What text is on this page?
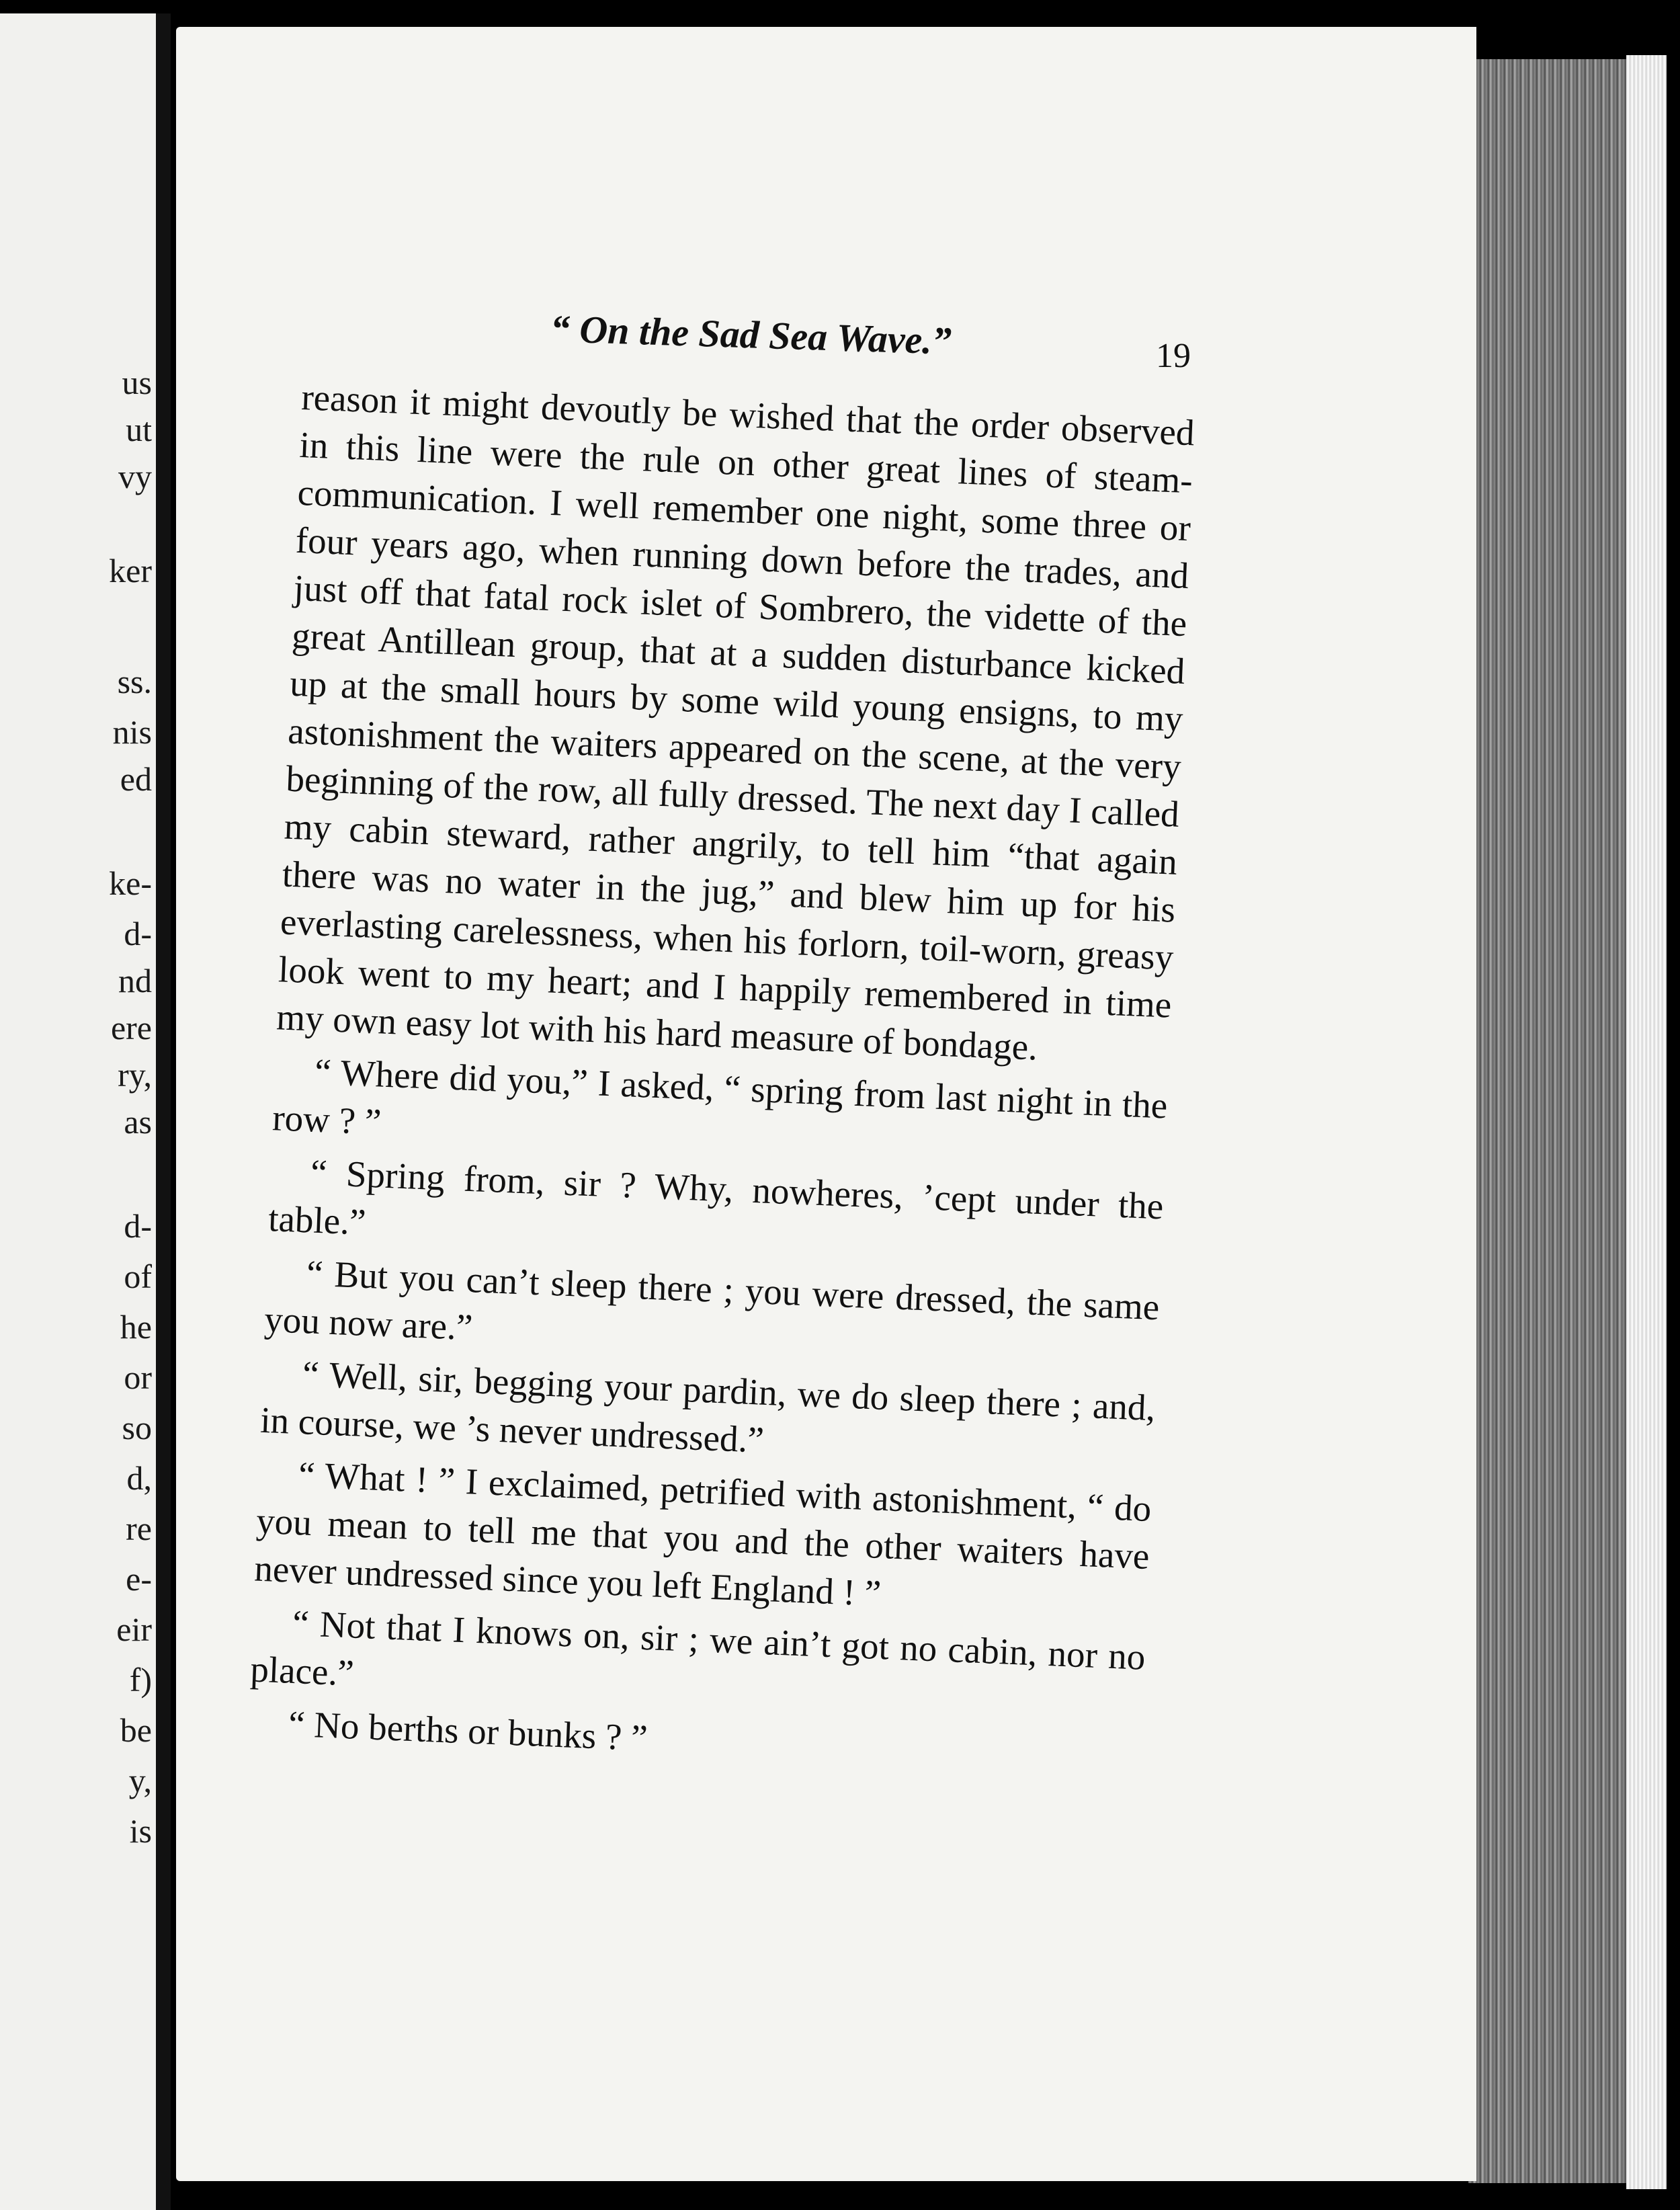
us
ut
vy
ker
ss.
nis
ed
ke-
d-
nd
ere
ry,
as
d-
of
he
or
so
d,
re
e-
eir
f)
be
y,
is
“ On the Sad Sea Wave.”	19

reason it might devoutly be wished that the order observed in this line were the rule on other great lines of steam-communication. I well remember one night, some three or four years ago, when running down before the trades, and just off that fatal rock islet of Sombrero, the vidette of the great Antillean group, that at a sudden disturbance kicked up at the small hours by some wild young ensigns, to my astonishment the waiters appeared on the scene, at the very beginning of the row, all fully dressed. The next day I called my cabin steward, rather angrily, to tell him “that again there was no water in the jug,” and blew him up for his everlasting carelessness, when his forlorn, toil-worn, greasy look went to my heart; and I happily remembered in time my own easy lot with his hard measure of bondage.

“ Where did you,” I asked, “ spring from last night in the row ? ”

“ Spring from, sir ? Why, nowheres, ’cept under the table.”

“ But you can’t sleep there ; you were dressed, the same you now are.”

“ Well, sir, begging your pardin, we do sleep there ; and, in course, we ’s never undressed.”

“ What ! ” I exclaimed, petrified with astonishment, “ do you mean to tell me that you and the other waiters have never undressed since you left England ! ”

“ Not that I knows on, sir ; we ain’t got no cabin, nor no place.”

“ No berths or bunks ? ”
